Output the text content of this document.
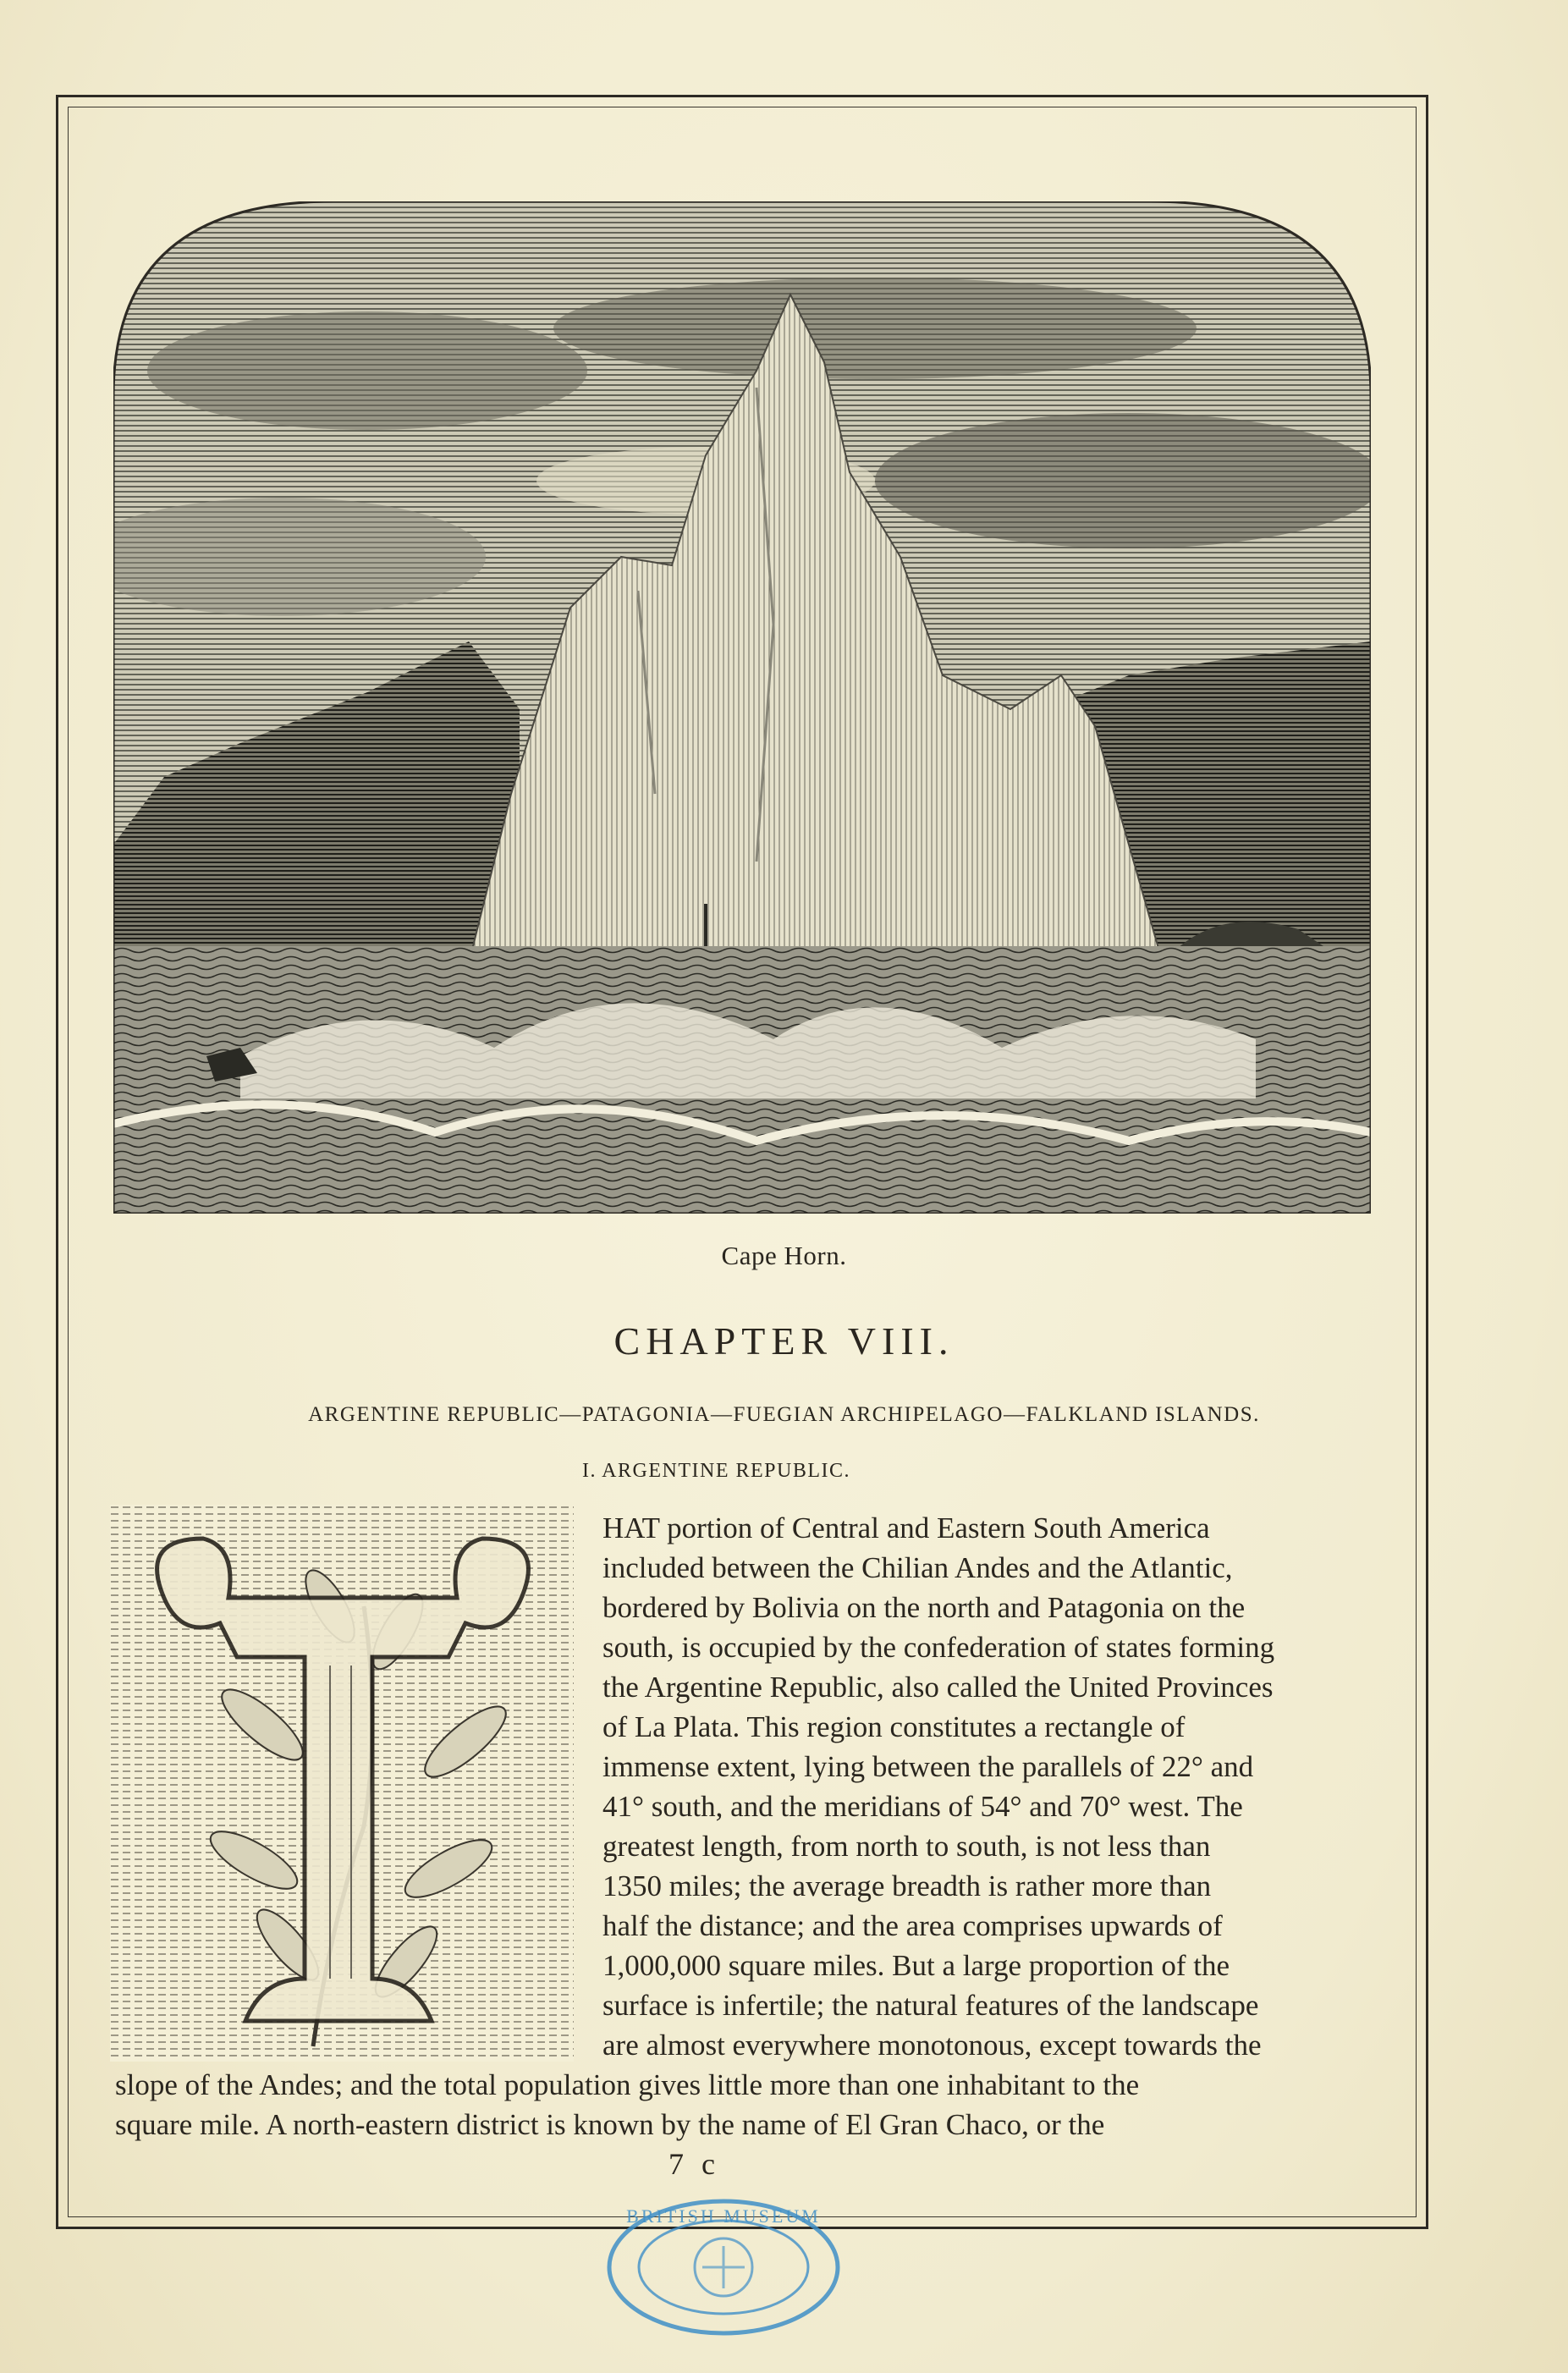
Cape Horn.
CHAPTER VIII.
ARGENTINE REPUBLIC—PATAGONIA—FUEGIAN ARCHIPELAGO—FALKLAND ISLANDS.
I. ARGENTINE REPUBLIC.
HAT portion of Central and Eastern South America
included between the Chilian Andes and the Atlantic,
bordered by Bolivia on the north and Patagonia on the
south, is occupied by the confederation of states forming
the Argentine Republic, also called the United Provinces
of La Plata. This region constitutes a rectangle of
immense extent, lying between the parallels of 22° and
41° south, and the meridians of 54° and 70° west. The
greatest length, from north to south, is not less than
1350 miles; the average breadth is rather more than
half the distance; and the area comprises upwards of
1,000,000 square miles. But a large proportion of the
surface is infertile; the natural features of the landscape
are almost everywhere monotonous, except towards the
slope of the Andes; and the total population gives little more than one inhabitant to the
square mile. A north-eastern district is known by the name of El Gran Chaco, or the
7 c
BRITISH MUSEUM
